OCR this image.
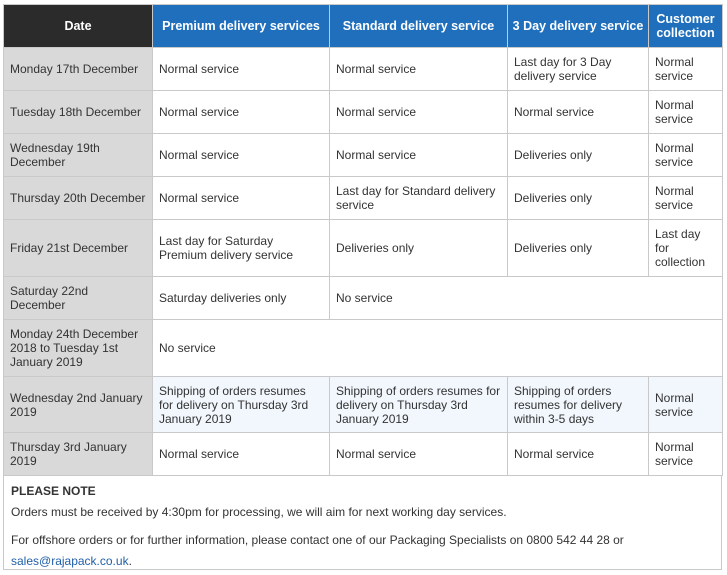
Date	Premium delivery services	Standard delivery service	3 Day delivery service	Customer collection
Monday 17th December	Normal service	Normal service	Last day for 3 Day delivery service	Normal service
Tuesday 18th December	Normal service	Normal service	Normal service	Normal service
Wednesday 19th December	Normal service	Normal service	Deliveries only	Normal service
Thursday 20th December	Normal service	Last day for Standard delivery service	Deliveries only	Normal service
Friday 21st December	Last day for Saturday Premium delivery service	Deliveries only	Deliveries only	Last day for collection
Saturday 22nd December	Saturday deliveries only	No service		
Monday 24th December 2018 to Tuesday 1st January 2019	No service			
Wednesday 2nd January 2019	Shipping of orders resumes for delivery on Thursday 3rd January 2019	Shipping of orders resumes for delivery on Thursday 3rd January 2019	Shipping of orders resumes for delivery within 3-5 days	Normal service
Thursday 3rd January 2019	Normal service	Normal service	Normal service	Normal service
PLEASE NOTE

Orders must be received by 4:30pm for processing, we will aim for next working day services.

For offshore orders or for further information, please contact one of our Packaging Specialists on 0800 542 44 28 or
sales@rajapack.co.uk.
